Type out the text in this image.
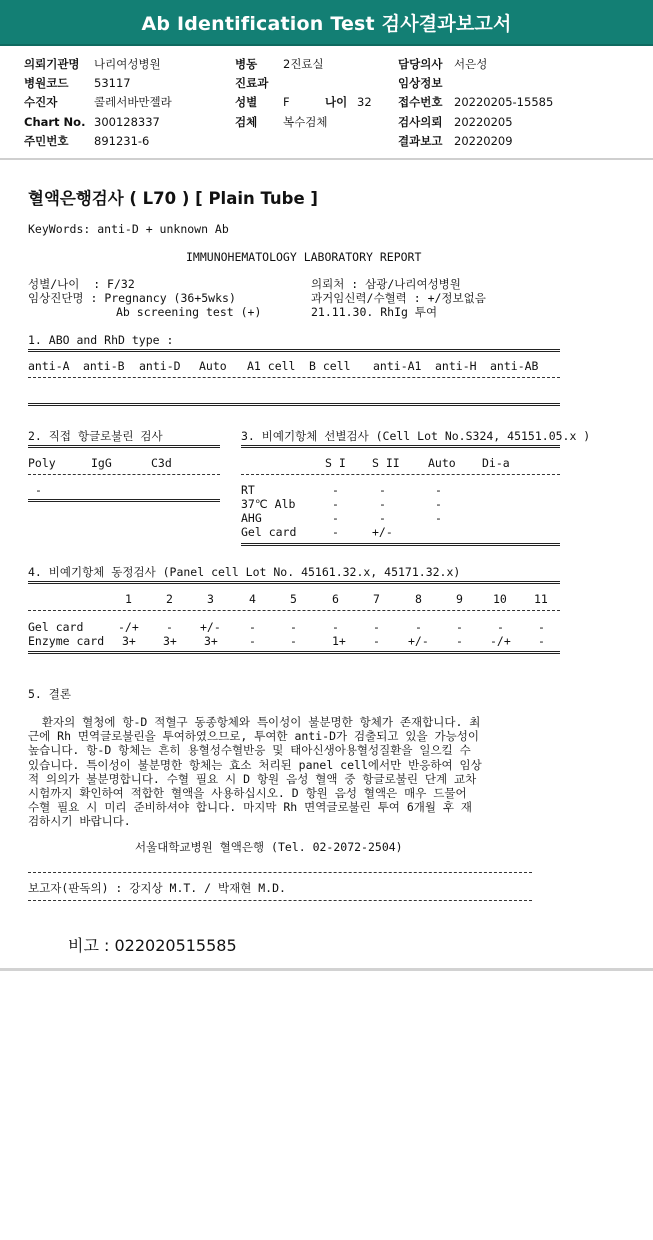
Ab Identification Test 검사결과보고서
의뢰기관명 나리여성병원	병동 2진료실	담당의사 서은성
병원코드 53117	진료과	임상정보
수진자	콜레서바만젤라	성별 F	나이 32 접수번호 20220205-15585
Chart No. 300128337	검체 복수검체	검사의뢰 20220205
주민번호 891231-6	결과보고 20220209
혈액은행검사 ( L70 ) [ Plain Tube ]
KeyWords: anti-D + unknown Ab
IMMUNOHEMATOLOGY LABORATORY REPORT
성별/나이  : F/32	의뢰처 : 삼광/나리여성병원
임상진단명 : Pregnancy (36+5wks)	과거임신력/수혈력 : +/정보없음
Ab screening test (+)	21.11.30. RhIg 투여
1. ABO and RhD type :
anti-A anti-B anti-D Auto A1 cell B cell anti-A1 anti-H anti-AB
2. 직접 항글로불린 검사
Poly	IgG	C3d
-
3. 비예기항체 선별검사 (Cell Lot No.S324, 45151.05.x )
S I S II Auto Di-a
RT	-	-	-
37℃ Alb	-	-	-
AHG	-	-	-
Gel card	-	+/-
4. 비예기항체 동정검사 (Panel cell Lot No. 45161.32.x, 45171.32.x)
1	2	3	4	5	6	7	8	9	10 11
Gel card	-/+ - +/- -	-	-	-	-	-	-	-
Enzyme card 3+ 3+ 3+	-	-	1+ - +/- - -/+ -
5. 결론
환자의 혈청에 항-D 적혈구 동종항체와 특이성이 불분명한 항체가 존재합니다. 최
근에 Rh 면역글로불린을 투여하였으므로, 투여한 anti-D가 검출되고 있을 가능성이
높습니다. 항-D 항체는 흔히 용혈성수혈반응 및 태아신생아용혈성질환을 일으킬 수
있습니다. 특이성이 불분명한 항체는 효소 처리된 panel cell에서만 반응하여 임상
적 의의가 불분명합니다. 수혈 필요 시 D 항원 음성 혈액 중 항글로불린 단계 교차
시험까지 확인하여 적합한 혈액을 사용하십시오. D 항원 음성 혈액은 매우 드물어
수혈 필요 시 미리 준비하셔야 합니다. 마지막 Rh 면역글로불린 투여 6개월 후 재
검하시기 바랍니다.
서울대학교병원 혈액은행 (Tel. 02-2072-2504)
보고자(판독의) : 강지상 M.T. / 박재현 M.D.
비고 : 022020515585
